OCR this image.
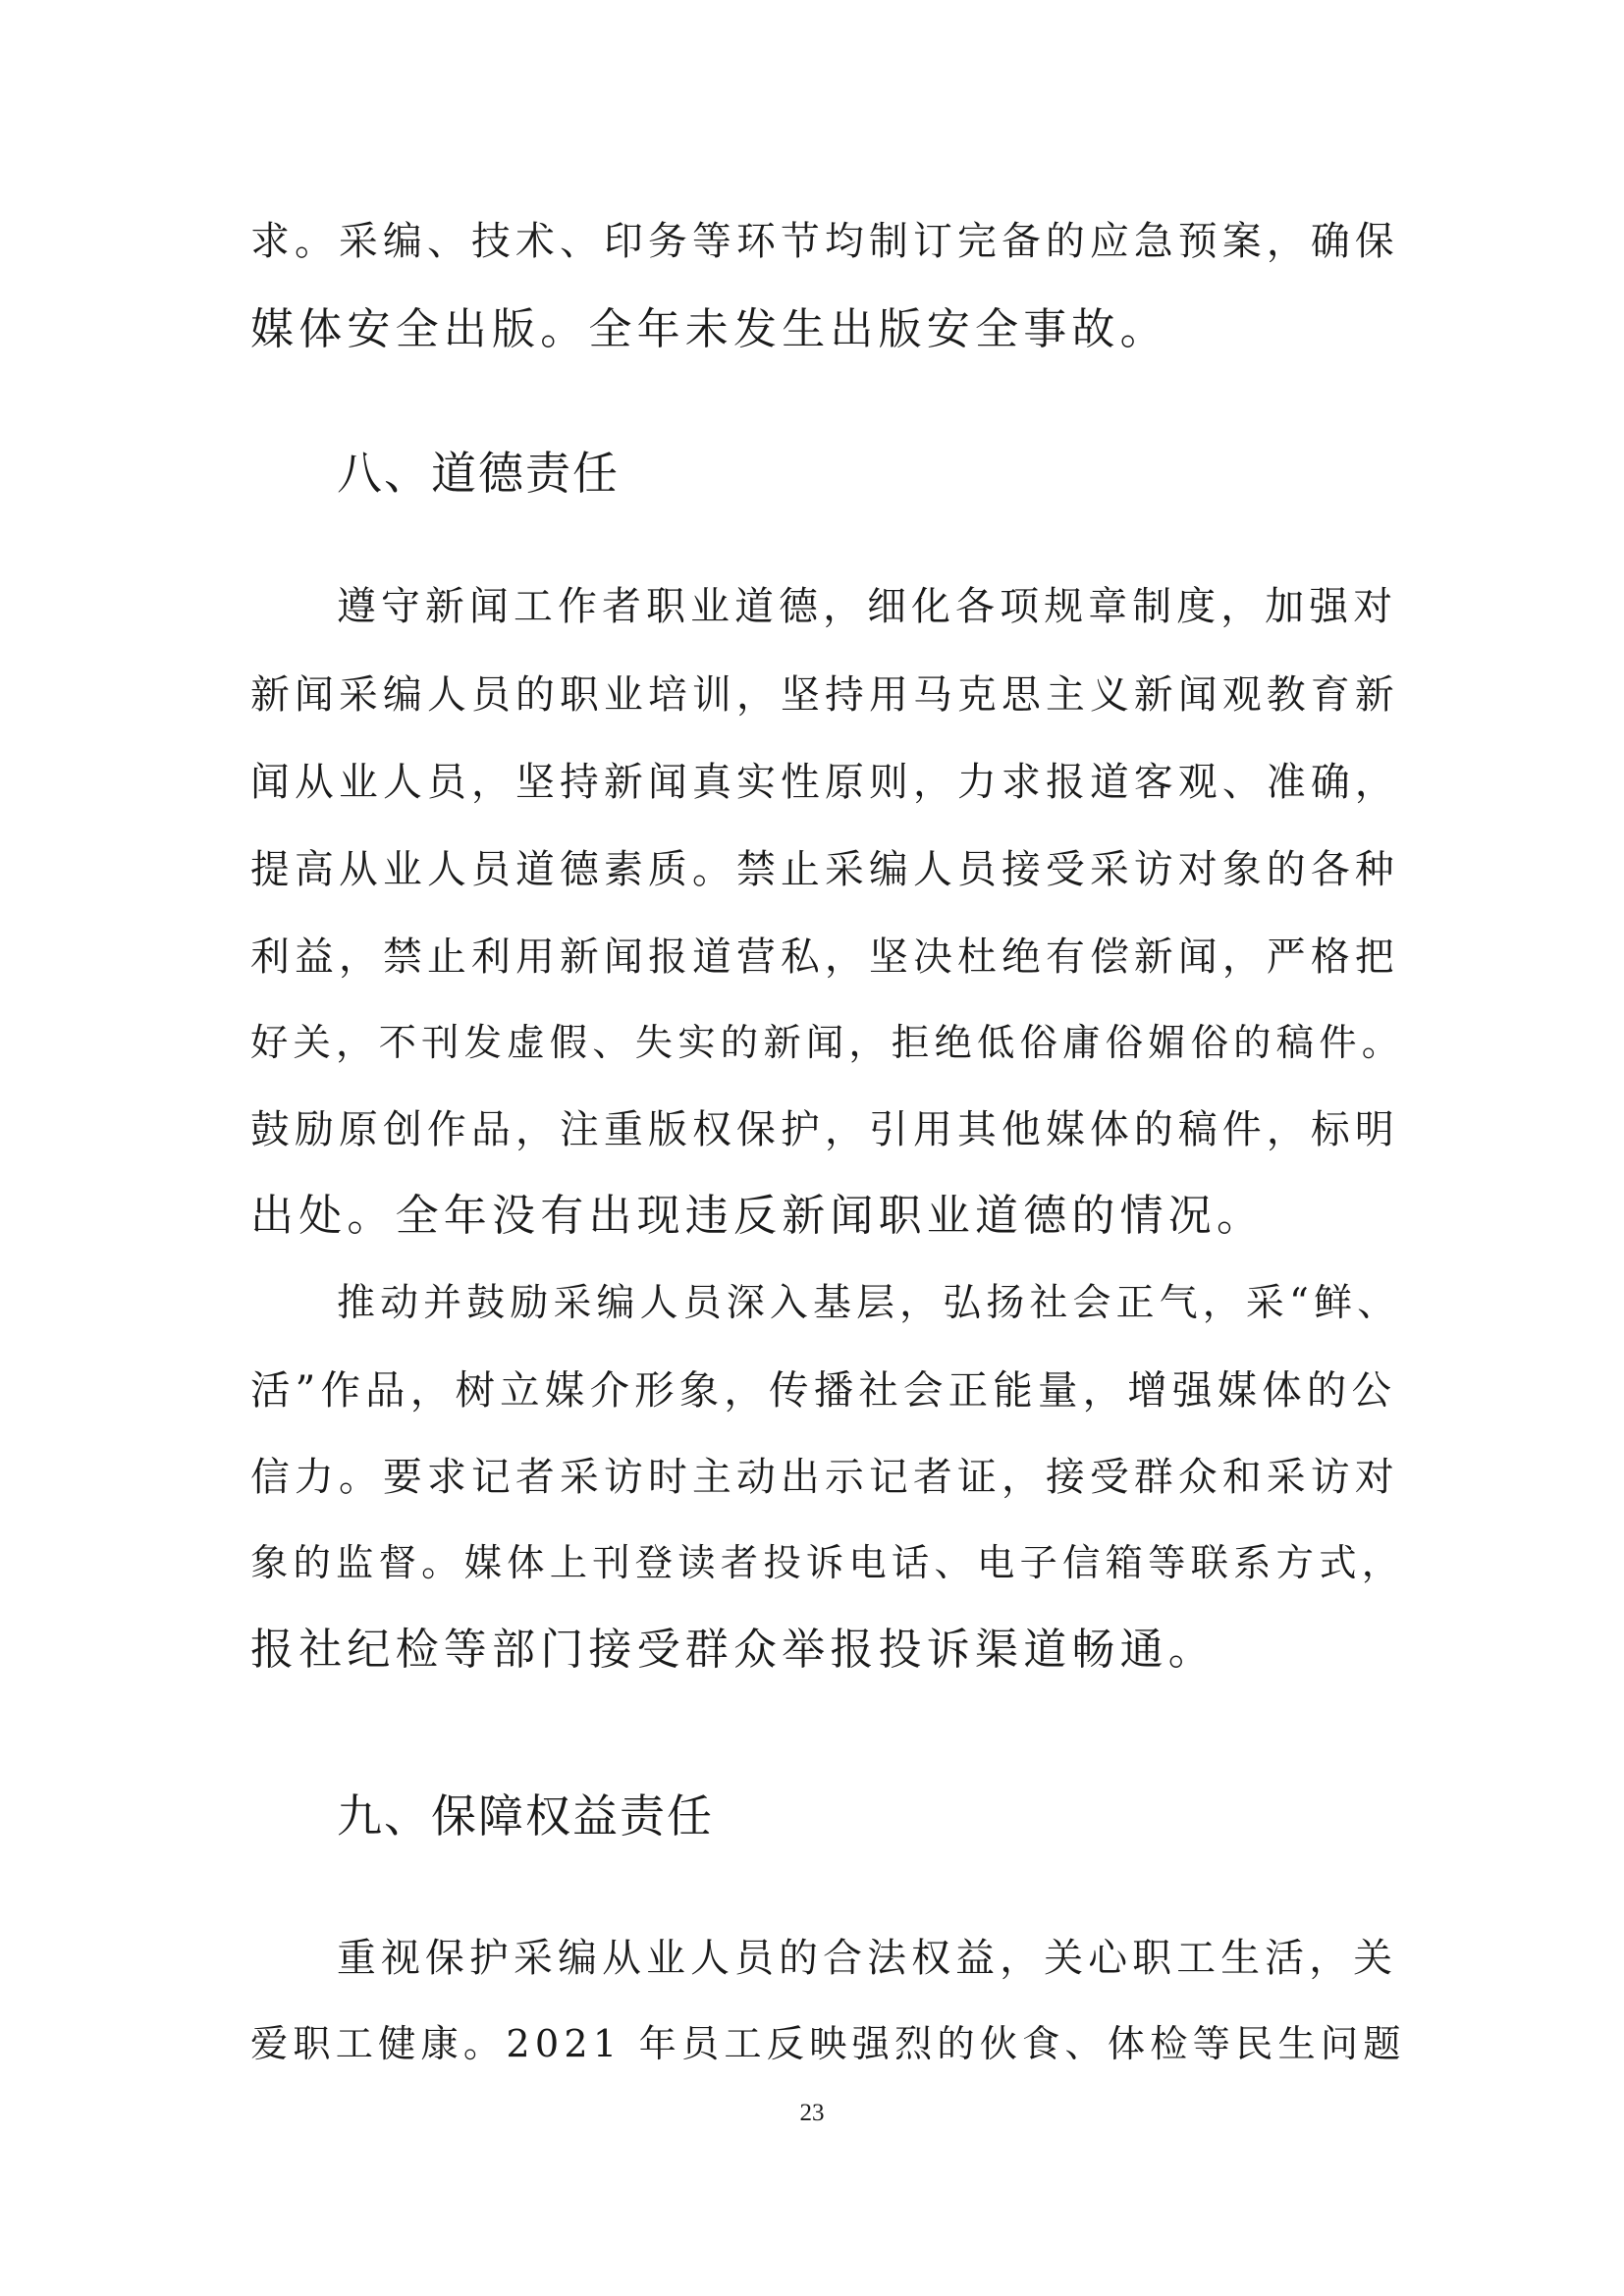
求。采编、技术、印务等环节均制订完备的应急预案，确保
媒体安全出版。全年未发生出版安全事故。
八、道德责任
遵守新闻工作者职业道德，细化各项规章制度，加强对
新闻采编人员的职业培训，坚持用马克思主义新闻观教育新
闻从业人员，坚持新闻真实性原则，力求报道客观、准确，
提高从业人员道德素质。禁止采编人员接受采访对象的各种
利益，禁止利用新闻报道营私，坚决杜绝有偿新闻，严格把
好关，不刊发虚假、失实的新闻，拒绝低俗庸俗媚俗的稿件。
鼓励原创作品，注重版权保护，引用其他媒体的稿件，标明
出处。全年没有出现违反新闻职业道德的情况。
推动并鼓励采编人员深入基层，弘扬社会正气，采“鲜、
活”作品，树立媒介形象，传播社会正能量，增强媒体的公
信力。要求记者采访时主动出示记者证，接受群众和采访对
象的监督。媒体上刊登读者投诉电话、电子信箱等联系方式，
报社纪检等部门接受群众举报投诉渠道畅通。
九、保障权益责任
重视保护采编从业人员的合法权益，关心职工生活，关
爱职工健康。2021 年员工反映强烈的伙食、体检等民生问题
23
